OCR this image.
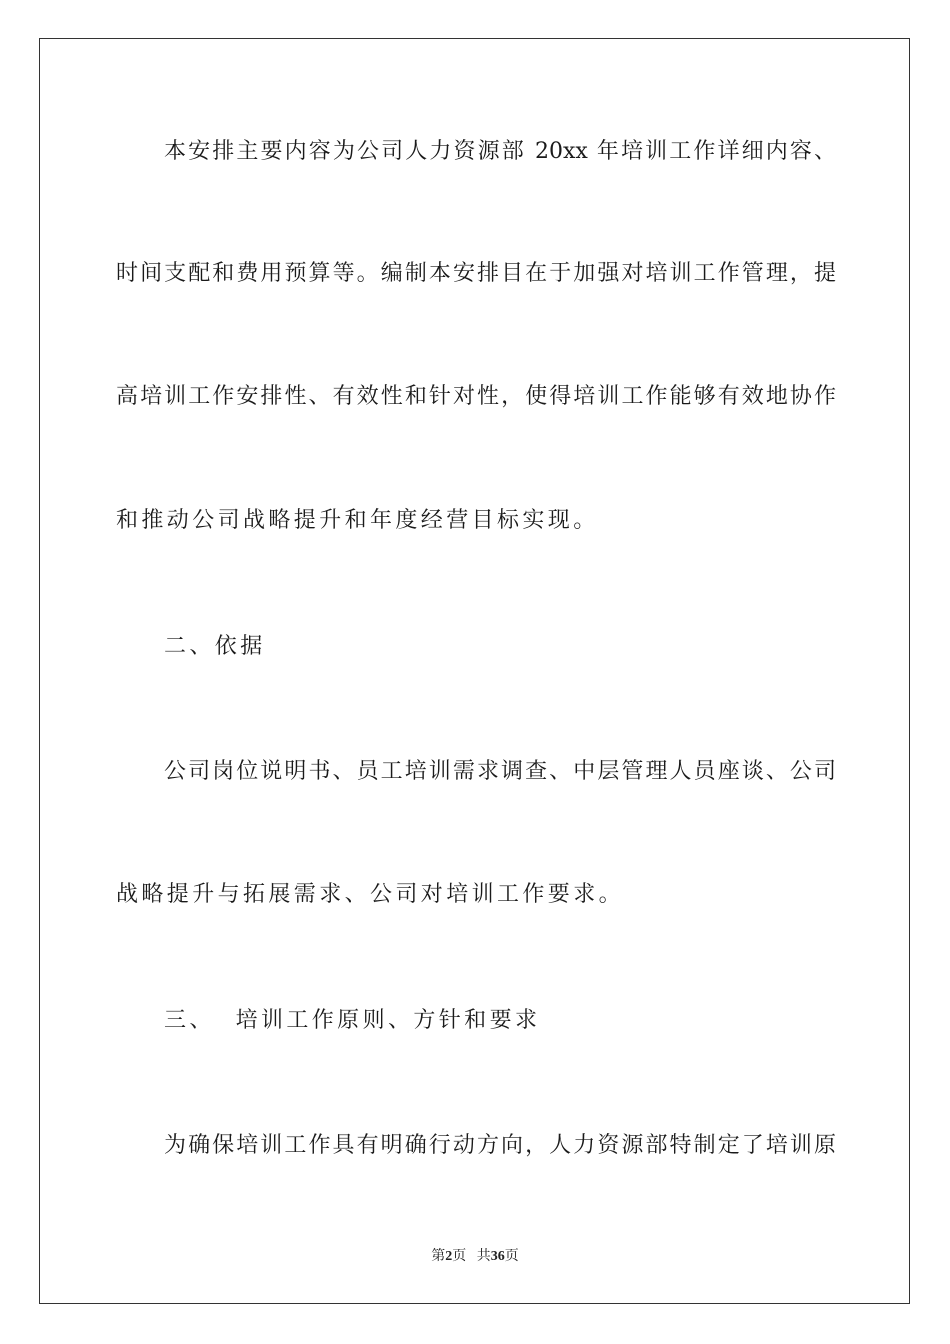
本安排主要内容为公司人力资源部 20xx 年培训工作详细内容、
时间支配和费用预算等。编制本安排目在于加强对培训工作管理，提
高培训工作安排性、有效性和针对性，使得培训工作能够有效地协作
和推动公司战略提升和年度经营目标实现。
二、依据
公司岗位说明书、员工培训需求调查、中层管理人员座谈、公司
战略提升与拓展需求、公司对培训工作要求。
三、  培训工作原则、方针和要求
为确保培训工作具有明确行动方向，人力资源部特制定了培训原
第2页 共36页
